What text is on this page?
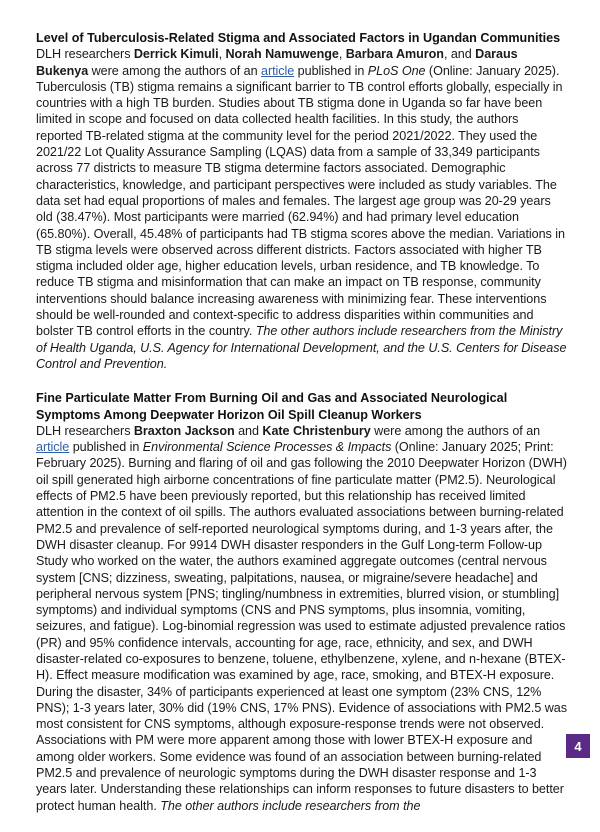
Level of Tuberculosis-Related Stigma and Associated Factors in Ugandan Communities

DLH researchers Derrick Kimuli, Norah Namuwenge, Barbara Amuron, and Daraus Bukenya were among the authors of an article published in PLoS One (Online: January 2025). Tuberculosis (TB) stigma remains a significant barrier to TB control efforts globally, especially in countries with a high TB burden. Studies about TB stigma done in Uganda so far have been limited in scope and focused on data collected health facilities. In this study, the authors reported TB-related stigma at the community level for the period 2021/2022. They used the 2021/22 Lot Quality Assurance Sampling (LQAS) data from a sample of 33,349 participants across 77 districts to measure TB stigma determine factors associated. Demographic characteristics, knowledge, and participant perspectives were included as study variables. The data set had equal proportions of males and females. The largest age group was 20-29 years old (38.47%). Most participants were married (62.94%) and had primary level education (65.80%). Overall, 45.48% of participants had TB stigma scores above the median. Variations in TB stigma levels were observed across different districts. Factors associated with higher TB stigma included older age, higher education levels, urban residence, and TB knowledge. To reduce TB stigma and misinformation that can make an impact on TB response, community interventions should balance increasing awareness with minimizing fear. These interventions should be well-rounded and context-specific to address disparities within communities and bolster TB control efforts in the country. The other authors include researchers from the Ministry of Health Uganda, U.S. Agency for International Development, and the U.S. Centers for Disease Control and Prevention.

Fine Particulate Matter From Burning Oil and Gas and Associated Neurological Symptoms Among Deepwater Horizon Oil Spill Cleanup Workers

DLH researchers Braxton Jackson and Kate Christenbury were among the authors of an article published in Environmental Science Processes & Impacts (Online: January 2025; Print: February 2025). Burning and flaring of oil and gas following the 2010 Deepwater Horizon (DWH) oil spill generated high airborne concentrations of fine particulate matter (PM2.5). Neurological effects of PM2.5 have been previously reported, but this relationship has received limited attention in the context of oil spills. The authors evaluated associations between burning-related PM2.5 and prevalence of self-reported neurological symptoms during, and 1-3 years after, the DWH disaster cleanup. For 9914 DWH disaster responders in the Gulf Long-term Follow-up Study who worked on the water, the authors examined aggregate outcomes (central nervous system [CNS; dizziness, sweating, palpitations, nausea, or migraine/severe headache] and peripheral nervous system [PNS; tingling/numbness in extremities, blurred vision, or stumbling] symptoms) and individual symptoms (CNS and PNS symptoms, plus insomnia, vomiting, seizures, and fatigue). Log-binomial regression was used to estimate adjusted prevalence ratios (PR) and 95% confidence intervals, accounting for age, race, ethnicity, and sex, and DWH disaster-related co-exposures to benzene, toluene, ethylbenzene, xylene, and n-hexane (BTEX-H). Effect measure modification was examined by age, race, smoking, and BTEX-H exposure. During the disaster, 34% of participants experienced at least one symptom (23% CNS, 12% PNS); 1-3 years later, 30% did (19% CNS, 17% PNS). Evidence of associations with PM2.5 was most consistent for CNS symptoms, although exposure-response trends were not observed. Associations with PM were more apparent among those with lower BTEX-H exposure and among older workers. Some evidence was found of an association between burning-related PM2.5 and prevalence of neurologic symptoms during the DWH disaster response and 1-3 years later. Understanding these relationships can inform responses to future disasters to better protect human health. The other authors include researchers from the

4
